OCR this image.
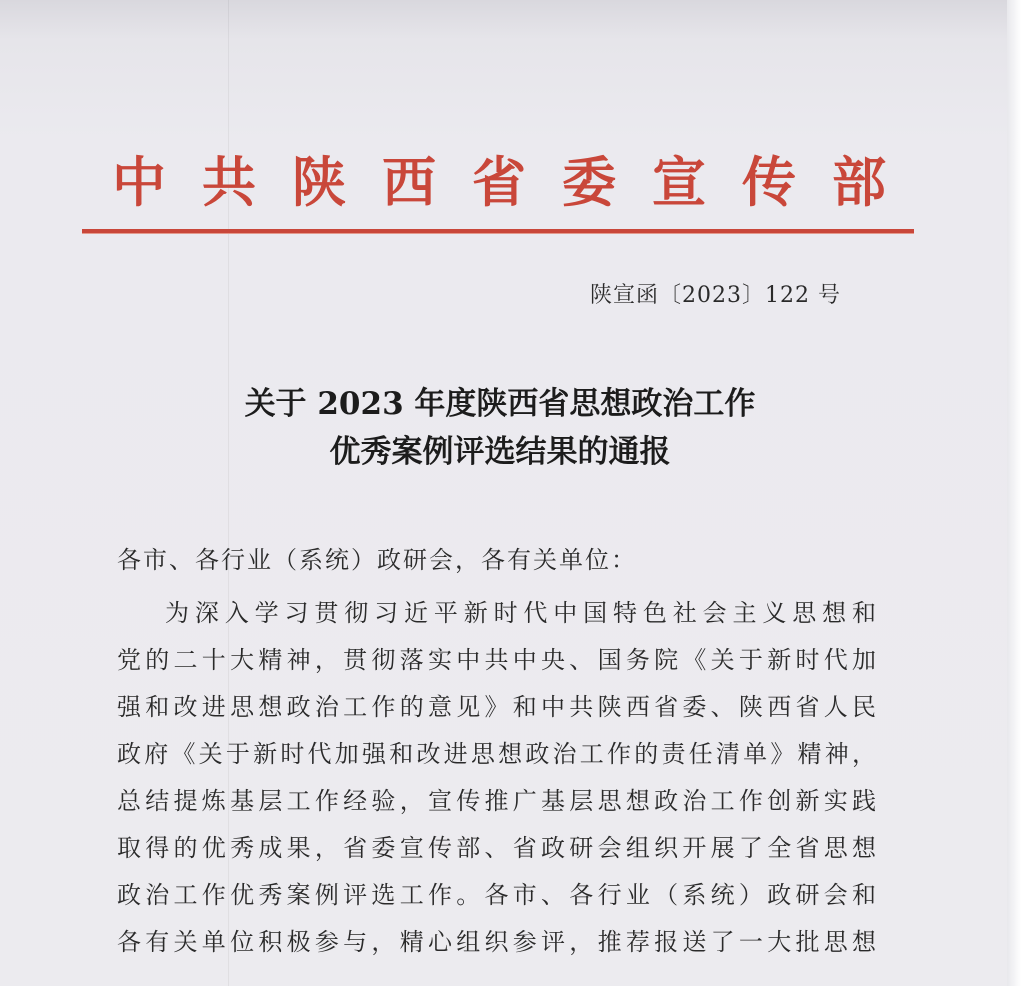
中 共 陕 西 省 委 宣 传 部
陕宣函〔2023〕122 号
关于 2023 年度陕西省思想政治工作
优秀案例评选结果的通报
各市、各行业（系统）政研会，各有关单位：
为深入学习贯彻习近平新时代中国特色社会主义思想和
党的二十大精神，贯彻落实中共中央、国务院《关于新时代加
强和改进思想政治工作的意见》和中共陕西省委、陕西省人民
政府《关于新时代加强和改进思想政治工作的责任清单》精神，
总结提炼基层工作经验，宣传推广基层思想政治工作创新实践
取得的优秀成果，省委宣传部、省政研会组织开展了全省思想
政治工作优秀案例评选工作。各市、各行业（系统）政研会和
各有关单位积极参与，精心组织参评，推荐报送了一大批思想
